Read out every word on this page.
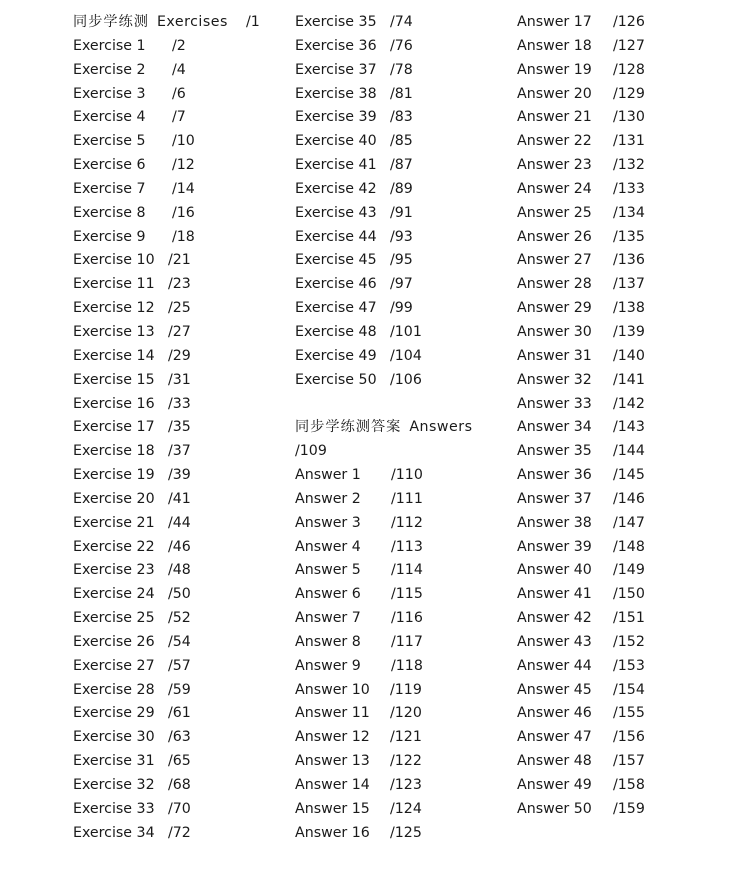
同步学练测 Exercises /1
Exercise 1 /2
Exercise 2 /4
Exercise 3 /6
Exercise 4 /7
Exercise 5 /10
Exercise 6 /12
Exercise 7 /14
Exercise 8 /16
Exercise 9 /18
Exercise 10 /21
Exercise 11 /23
Exercise 12 /25
Exercise 13 /27
Exercise 14 /29
Exercise 15 /31
Exercise 16 /33
Exercise 17 /35
Exercise 18 /37
Exercise 19 /39
Exercise 20 /41
Exercise 21 /44
Exercise 22 /46
Exercise 23 /48
Exercise 24 /50
Exercise 25 /52
Exercise 26 /54
Exercise 27 /57
Exercise 28 /59
Exercise 29 /61
Exercise 30 /63
Exercise 31 /65
Exercise 32 /68
Exercise 33 /70
Exercise 34 /72
Exercise 35 /74
Exercise 36 /76
Exercise 37 /78
Exercise 38 /81
Exercise 39 /83
Exercise 40 /85
Exercise 41 /87
Exercise 42 /89
Exercise 43 /91
Exercise 44 /93
Exercise 45 /95
Exercise 46 /97
Exercise 47 /99
Exercise 48 /101
Exercise 49 /104
Exercise 50 /106
同步学练测答案 Answers
/109
Answer 1 /110
Answer 2 /111
Answer 3 /112
Answer 4 /113
Answer 5 /114
Answer 6 /115
Answer 7 /116
Answer 8 /117
Answer 9 /118
Answer 10 /119
Answer 11 /120
Answer 12 /121
Answer 13 /122
Answer 14 /123
Answer 15 /124
Answer 16 /125
Answer 17 /126
Answer 18 /127
Answer 19 /128
Answer 20 /129
Answer 21 /130
Answer 22 /131
Answer 23 /132
Answer 24 /133
Answer 25 /134
Answer 26 /135
Answer 27 /136
Answer 28 /137
Answer 29 /138
Answer 30 /139
Answer 31 /140
Answer 32 /141
Answer 33 /142
Answer 34 /143
Answer 35 /144
Answer 36 /145
Answer 37 /146
Answer 38 /147
Answer 39 /148
Answer 40 /149
Answer 41 /150
Answer 42 /151
Answer 43 /152
Answer 44 /153
Answer 45 /154
Answer 46 /155
Answer 47 /156
Answer 48 /157
Answer 49 /158
Answer 50 /159
